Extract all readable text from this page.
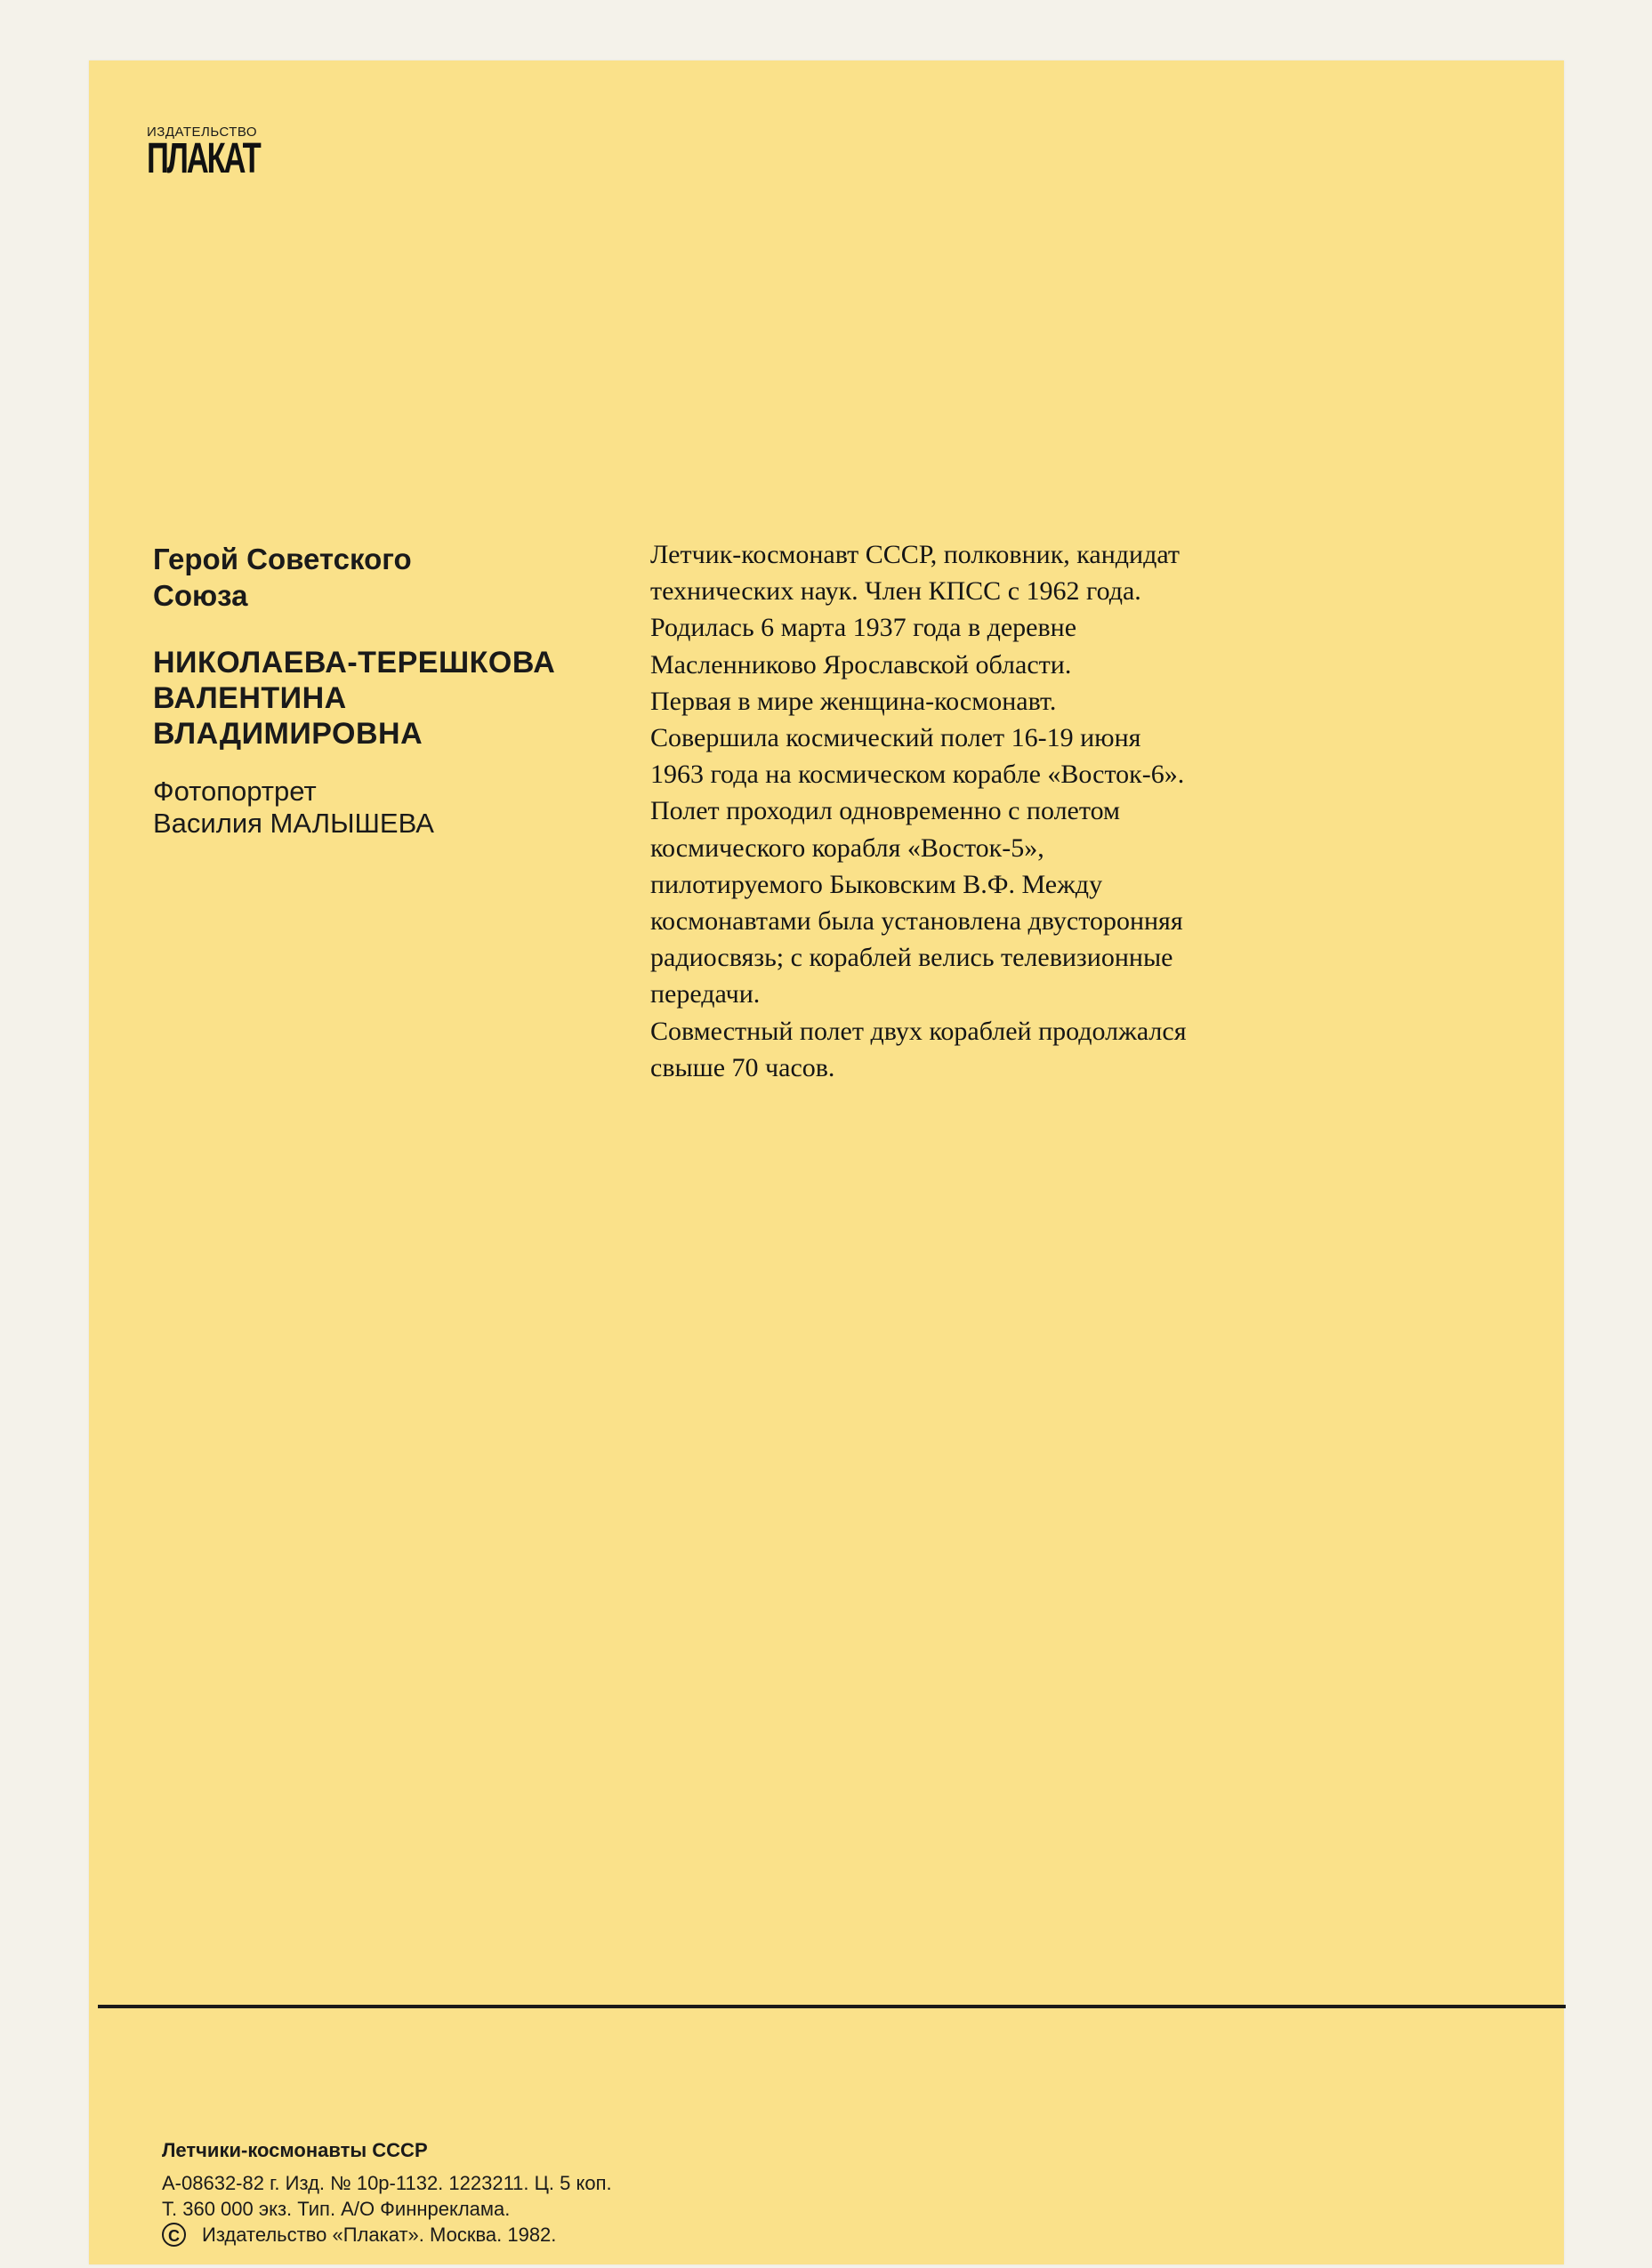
ИЗДАТЕЛЬСТВО
ПЛАКАТ

Герой Советского Союза

НИКОЛАЕВА-ТЕРЕШКОВА
ВАЛЕНТИНА
ВЛАДИМИРОВНА
Фотопортрет
Василия МАЛЫШЕВА
Летчик-космонавт СССР, полковник, кандидат
технических наук. Член КПСС с 1962 года.
Родилась 6 марта 1937 года в деревне
Масленниково Ярославской области.
Первая в мире женщина-космонавт.
Совершила космический полет 16-19 июня
1963 года на космическом корабле «Восток-6».
Полет проходил одновременно с полетом
космического корабля «Восток-5»,
пилотируемого Быковским В.Ф. Между
космонавтами была установлена двусторонняя
радиосвязь; с кораблей велись телевизионные
передачи.
Совместный полет двух кораблей продолжался
свыше 70 часов.
Летчики-космонавты СССР
А-08632-82 г. Изд. № 10р-1132. 1223211. Ц. 5 коп.
Т. 360 000 экз. Тип. А/О Финнреклама.
C	Издательство «Плакат». Москва. 1982.
